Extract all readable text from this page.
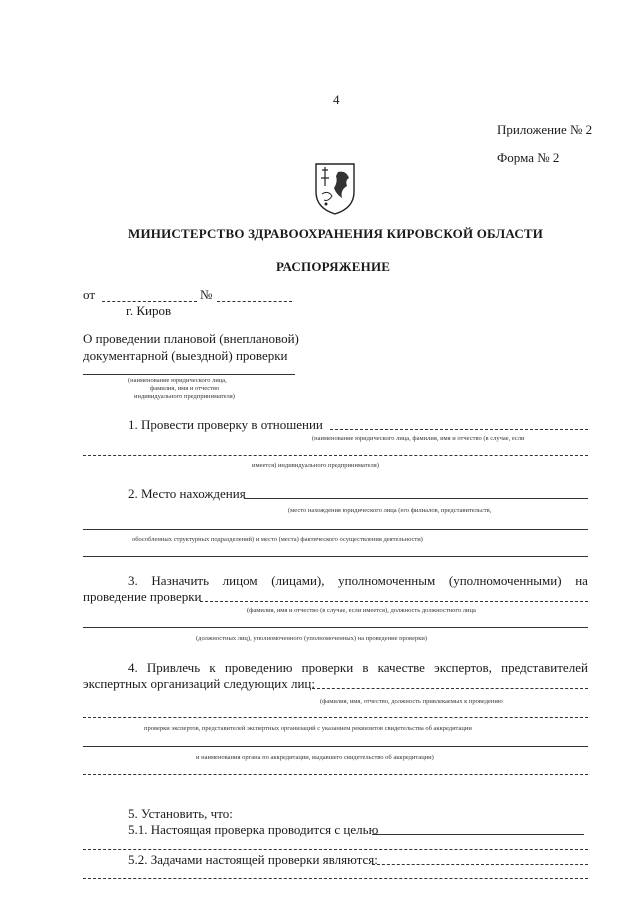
4
Приложение № 2
Форма № 2
МИНИСТЕРСТВО ЗДРАВООХРАНЕНИЯ КИРОВСКОЙ ОБЛАСТИ
РАСПОРЯЖЕНИЕ
от	№
г. Киров
О проведении плановой (внеплановой)
документарной (выездной) проверки
(наименование юридического лица,
фамилия, имя и отчество
индивидуального предпринимателя)
1. Провести проверку в отношении
(наименование юридического лица, фамилия, имя и отчество (в случае, если
имеется) индивидуального предпринимателя)
2. Место нахождения
(место нахождения юридического лица (его филиалов, представительств,
обособленных структурных подразделений) и место (места) фактического осуществления деятельности)
3. Назначить лицом (лицами), уполномоченным (уполномоченными) на
проведение проверки
(фамилия, имя и отчество (в случае, если имеется), должность должностного лица
(должностных лиц), уполномоченного (уполномоченных) на проведение проверки)
4. Привлечь к проведению проверки в качестве экспертов, представителей
экспертных организаций следующих лиц:
(фамилия, имя, отчество, должность привлекаемых к проведению
проверки экспертов, представителей экспертных организаций с указанием реквизитов свидетельства об аккредитации
и наименования органа по аккредитации, выдавшего свидетельство об аккредитации)
5. Установить, что:
5.1. Настоящая проверка проводится с целью
5.2. Задачами настоящей проверки являются:
